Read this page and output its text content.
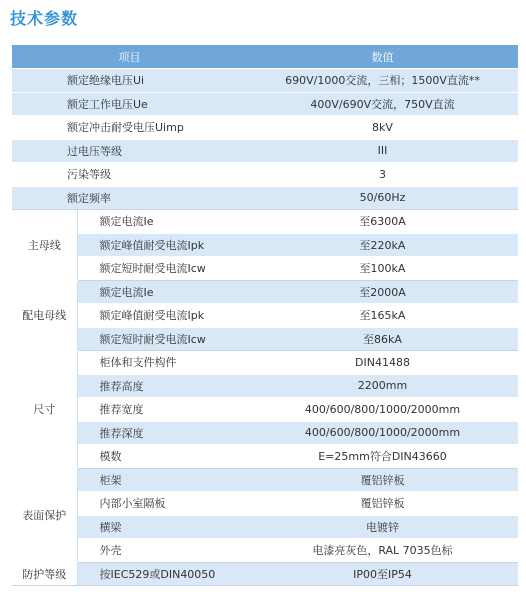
技术参数
项目		数值
额定绝缘电压Ui		690V/1000交流，三相；1500V直流**
额定工作电压Ue		400V/690V交流，750V直流
额定冲击耐受电压Uimp		8kV
过电压等级		III
污染等级		3
额定频率		50/60Hz
主母线	额定电流Ie	至6300A
	额定峰值耐受电流Ipk	至220kA
	额定短时耐受电流Icw	至100kA
配电母线	额定电流Ie	至2000A
	额定峰值耐受电流Ipk	至165kA
	额定短时耐受电流Icw	至86kA
尺寸	柜体和支件构件	DIN41488
	推荐高度	2200mm
	推荐宽度	400/600/800/1000/2000mm
	推荐深度	400/600/800/1000/2000mm
	模数	E=25mm符合DIN43660
表面保护	柜架	覆铝锌板
	内部小室隔板	覆铝锌板
	横梁	电镀锌
	外壳	电漆亮灰色，RAL 7035色标
防护等级	按IEC529或DIN40050	IP00至IP54
